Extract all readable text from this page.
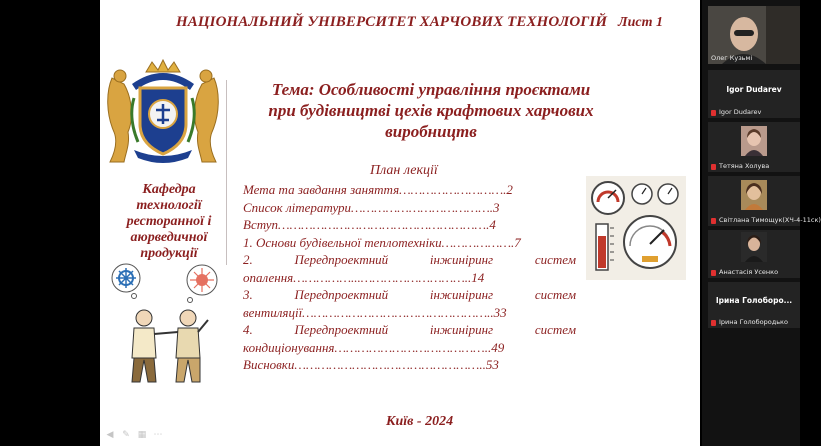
НАЦІОНАЛЬНИЙ УНІВЕРСИТЕТ ХАРЧОВИХ ТЕХНОЛОГІЙ Лист 1
Кафедра
технології
ресторанної і
аюрведичної
продукції
Тема: Особливості управління проєктами
при будівництві цехів крафтових харчових
виробництв
План лекції
Мета та завдання заняття……………………….2
Список літератури……………………………….3
Вступ……………………………………………….4
1. Основи будівельної теплотехніки……………….7
2. Передпроектний інжиніринг систем
опалення……………...………………………..14
3. Передпроектний інжиніринг систем
вентиляції…………………………………………..33
4. Передпроектний інжиніринг систем
кондиціонування…………………………………..49
Висновки…………………………………………..53
Київ - 2024
◀ ✎ ▦ ⋯
Олег Кузьмі
Igor Dudarev
Igor Dudarev
Тетяна Холува
Світлана Тимощук(ХЧ-4-11ск)
Анастасія Усенко
Ірина Голоборо...
Ірина Голобородько
